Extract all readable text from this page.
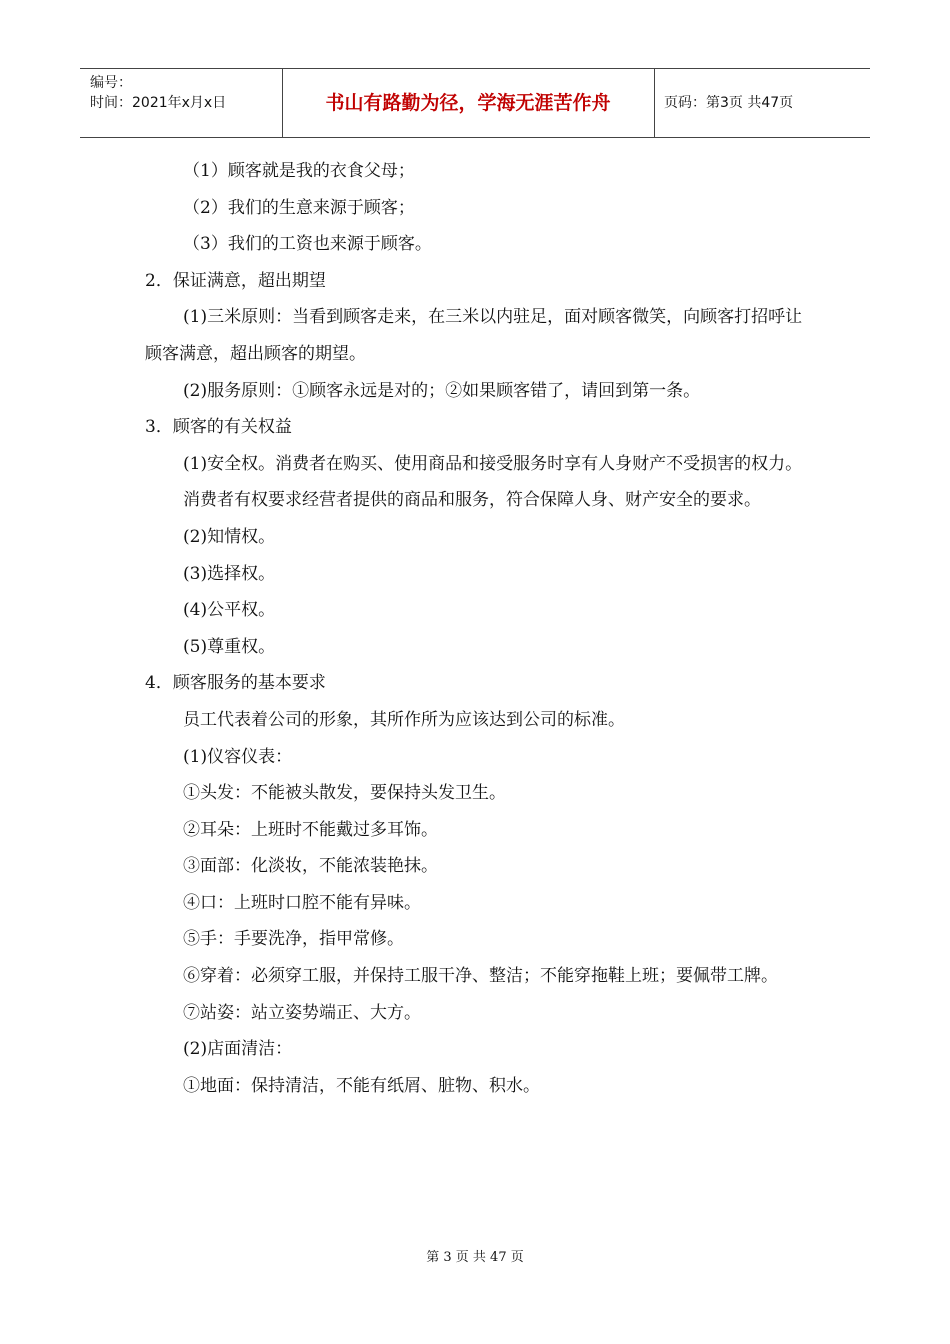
编号：
时间：2021年x月x日	书山有路勤为径，学海无涯苦作舟	页码：第3页 共47页

（1）顾客就是我的衣食父母；

（2）我们的生意来源于顾客；

（3）我们的工资也来源于顾客。

2．保证满意，超出期望

(1)三米原则：当看到顾客走来，在三米以内驻足，面对顾客微笑，向顾客打招呼让顾客满意，超出顾客的期望。

(2)服务原则：①顾客永远是对的；②如果顾客错了，请回到第一条。

3．顾客的有关权益

(1)安全权。消费者在购买、使用商品和接受服务时享有人身财产不受损害的权力。

消费者有权要求经营者提供的商品和服务，符合保障人身、财产安全的要求。

(2)知情权。

(3)选择权。

(4)公平权。

(5)尊重权。

4．顾客服务的基本要求

员工代表着公司的形象，其所作所为应该达到公司的标准。

(1)仪容仪表：

①头发：不能被头散发，要保持头发卫生。

②耳朵：上班时不能戴过多耳饰。

③面部：化淡妆，不能浓装艳抹。

④口：上班时口腔不能有异味。

⑤手：手要洗净，指甲常修。

⑥穿着：必须穿工服，并保持工服干净、整洁；不能穿拖鞋上班；要佩带工牌。

⑦站姿：站立姿势端正、大方。

(2)店面清洁：

①地面：保持清洁，不能有纸屑、脏物、积水。

第 3 页 共 47 页
